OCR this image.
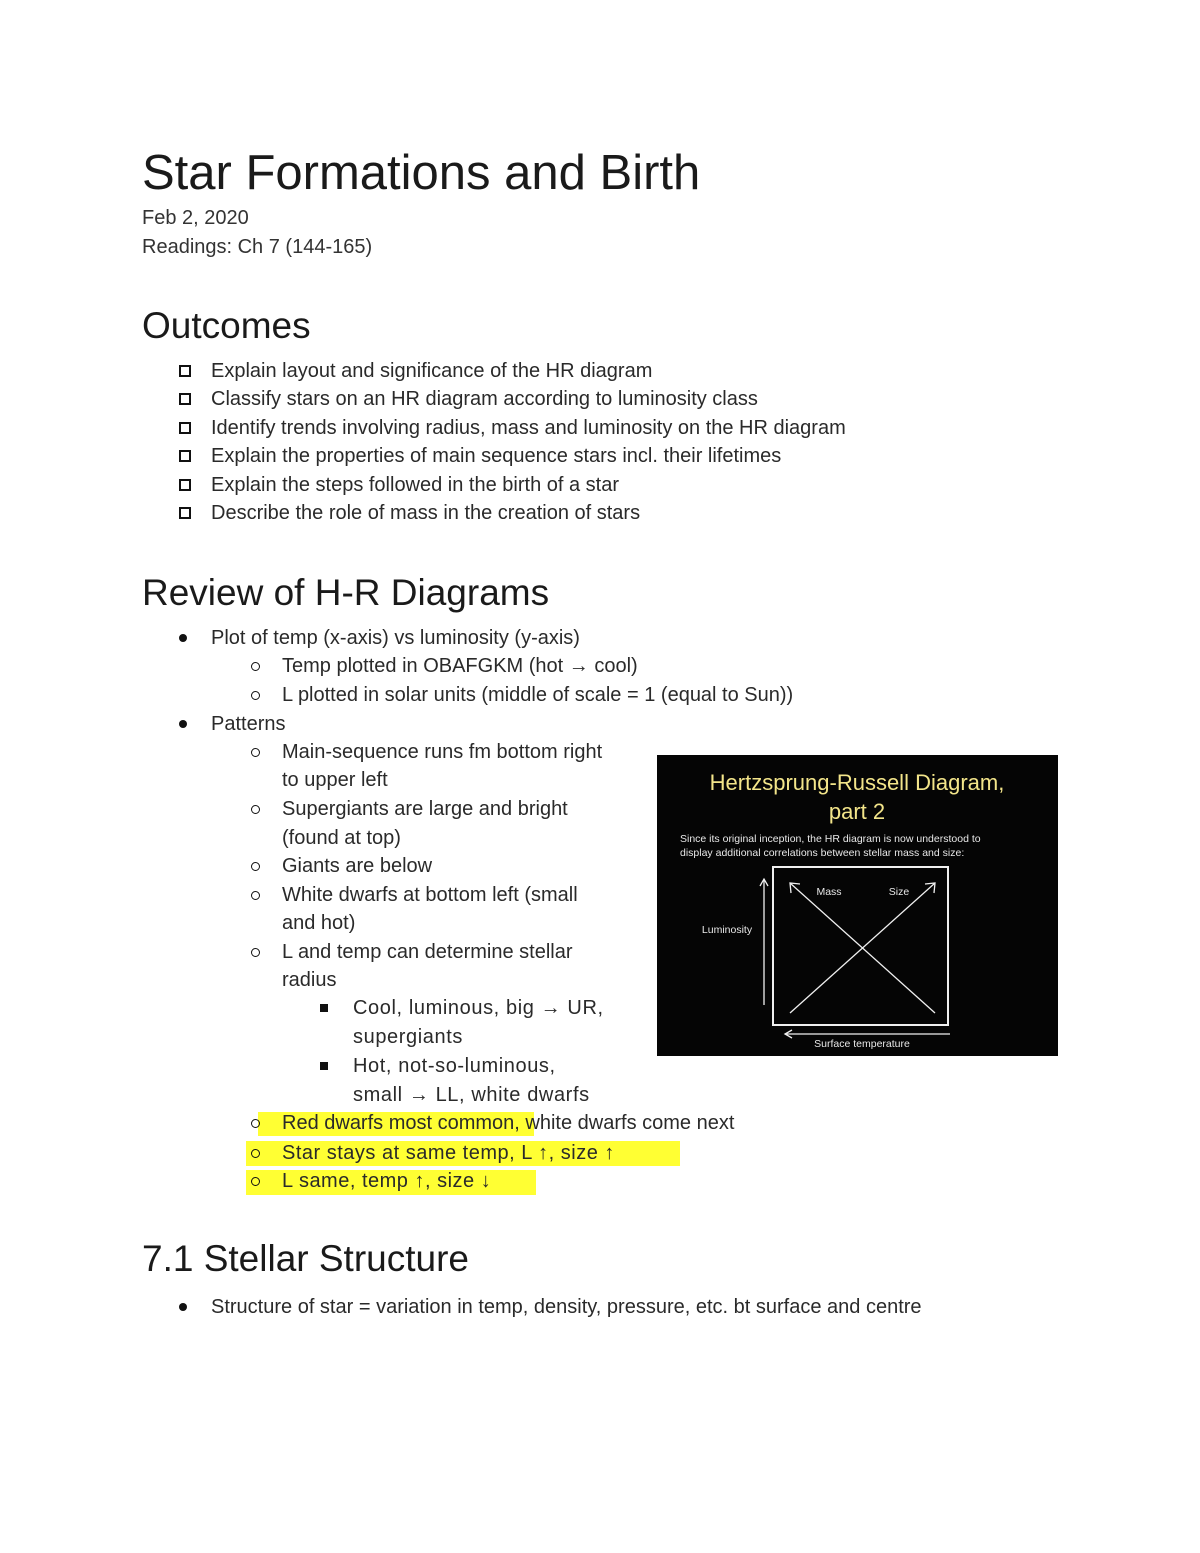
Star Formations and Birth
Feb 2, 2020
Readings: Ch 7 (144-165)
Outcomes
Explain layout and significance of the HR diagram
Classify stars on an HR diagram according to luminosity class
Identify trends involving radius, mass and luminosity on the HR diagram
Explain the properties of main sequence stars incl. their lifetimes
Explain the steps followed in the birth of a star
Describe the role of mass in the creation of stars
Review of H-R Diagrams
Plot of temp (x-axis) vs luminosity (y-axis)
Temp plotted in OBAFGKM (hot → cool)
L plotted in solar units (middle of scale = 1 (equal to Sun))
Patterns
Main-sequence runs fm bottom right
to upper left
Supergiants are large and bright
(found at top)
Giants are below
White dwarfs at bottom left (small
and hot)
L and temp can determine stellar
radius
Cool, luminous, big → UR,
supergiants
Hot, not-so-luminous,
small → LL, white dwarfs
Red dwarfs most common, white dwarfs come next
Star stays at same temp, L ↑, size ↑
L same, temp ↑, size ↓
7.1 Stellar Structure
Structure of star = variation in temp, density, pressure, etc. bt surface and centre
Hertzsprung-Russell Diagram,
part 2
Since its original inception, the HR diagram is now understood to
display additional correlations between stellar mass and size:
Mass	Size
Luminosity
Surface temperature
